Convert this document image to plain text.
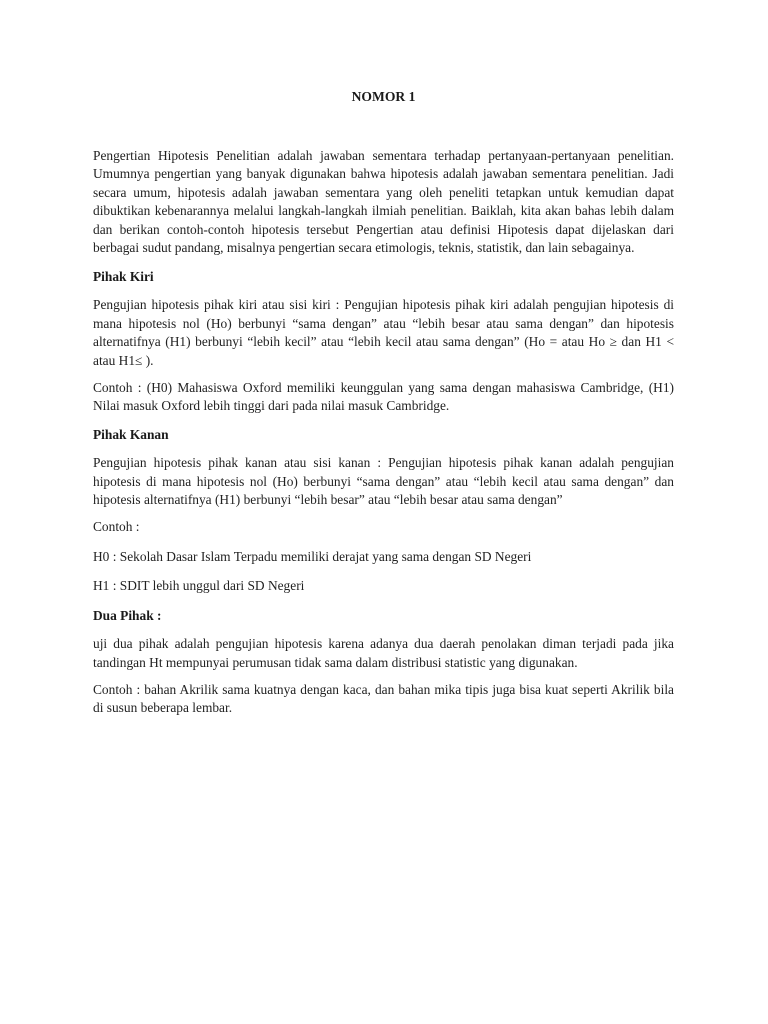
NOMOR 1

Pengertian Hipotesis Penelitian adalah jawaban sementara terhadap pertanyaan-pertanyaan penelitian. Umumnya pengertian yang banyak digunakan bahwa hipotesis adalah jawaban sementara penelitian. Jadi secara umum, hipotesis adalah jawaban sementara yang oleh peneliti tetapkan untuk kemudian dapat dibuktikan kebenarannya melalui langkah-langkah ilmiah penelitian. Baiklah, kita akan bahas lebih dalam dan berikan contoh-contoh hipotesis tersebut Pengertian atau definisi Hipotesis dapat dijelaskan dari berbagai sudut pandang, misalnya pengertian secara etimologis, teknis, statistik, dan lain sebagainya.

Pihak Kiri

Pengujian hipotesis pihak kiri atau sisi kiri : Pengujian hipotesis pihak kiri adalah pengujian hipotesis di mana hipotesis nol (Ho) berbunyi “sama dengan” atau “lebih besar atau sama dengan” dan hipotesis alternatifnya (H1) berbunyi “lebih kecil” atau “lebih kecil atau sama dengan” (Ho = atau Ho ≥ dan H1 < atau H1≤ ).

Contoh : (H0) Mahasiswa Oxford memiliki keunggulan yang sama dengan mahasiswa Cambridge, (H1) Nilai masuk Oxford lebih tinggi dari pada nilai masuk Cambridge.

Pihak Kanan

Pengujian hipotesis pihak kanan atau sisi kanan : Pengujian hipotesis pihak kanan adalah pengujian hipotesis di mana hipotesis nol (Ho) berbunyi “sama dengan” atau “lebih kecil atau sama dengan” dan hipotesis alternatifnya (H1) berbunyi “lebih besar” atau “lebih besar atau sama dengan”

Contoh :

H0 : Sekolah Dasar Islam Terpadu memiliki derajat yang sama dengan SD Negeri

H1 : SDIT lebih unggul dari SD Negeri

Dua Pihak :

uji dua pihak adalah pengujian hipotesis karena adanya dua daerah penolakan diman terjadi pada jika tandingan Ht mempunyai perumusan tidak sama dalam distribusi statistic yang digunakan.

Contoh : bahan Akrilik sama kuatnya dengan kaca, dan bahan mika tipis juga bisa kuat seperti Akrilik bila di susun beberapa lembar.
